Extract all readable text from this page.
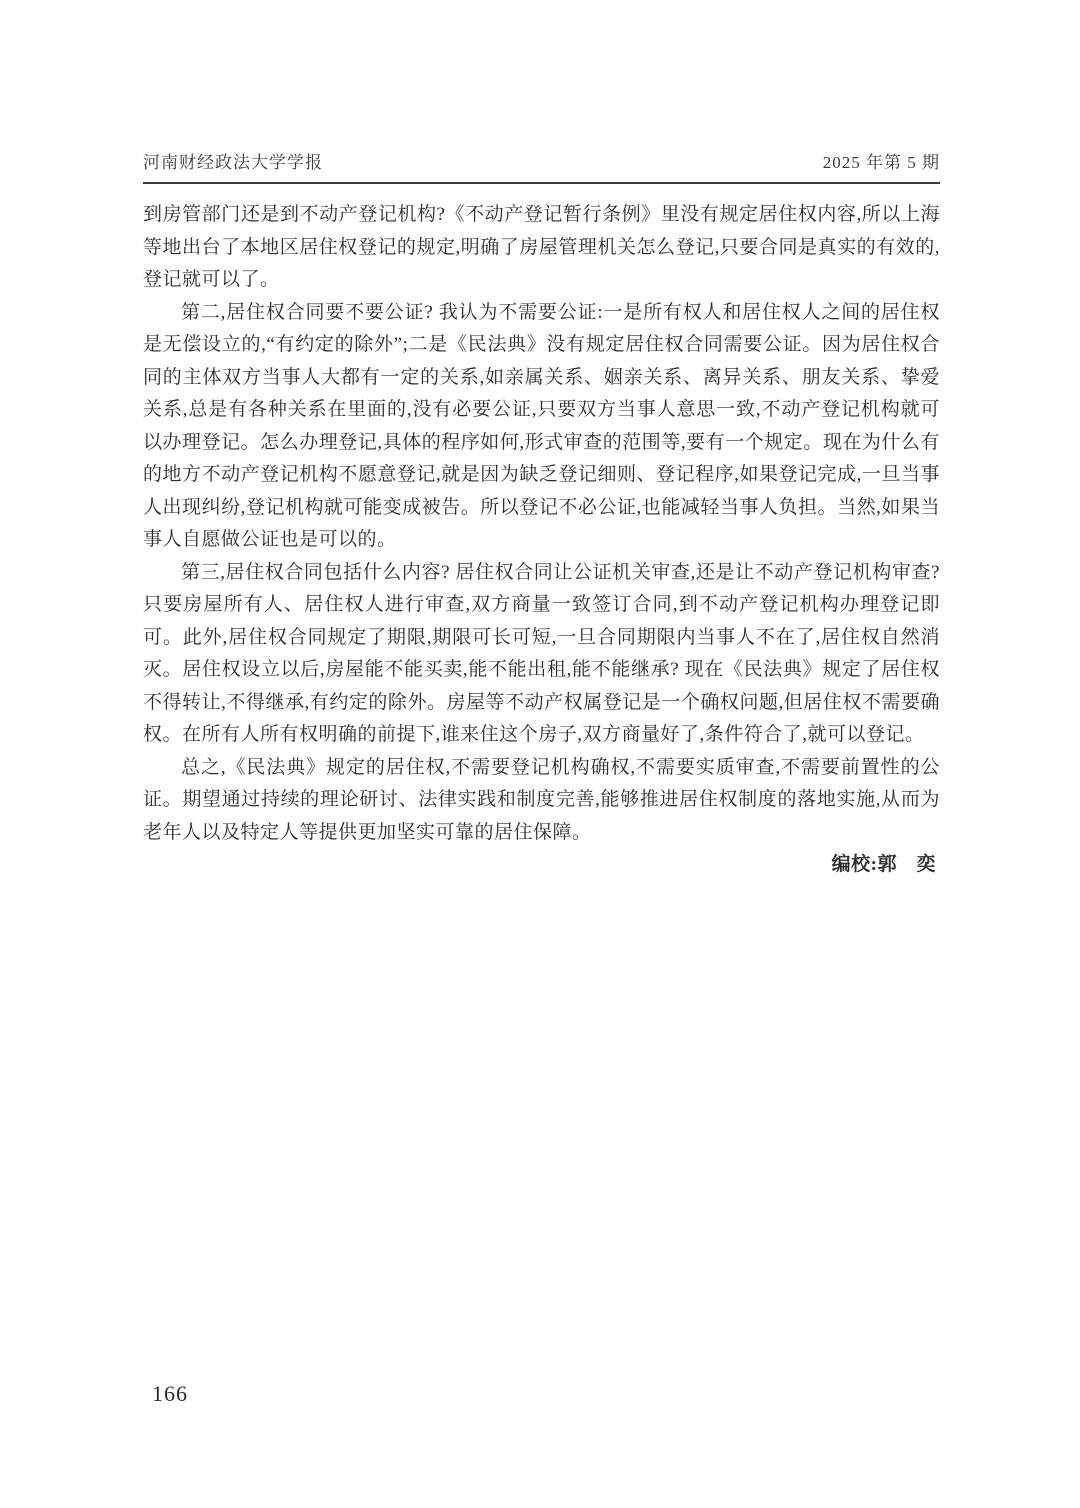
河南财经政法大学学报	2025 年第 5 期

到房管部门还是到不动产登记机构?《不动产登记暂行条例》里没有规定居住权内容,所以上海等地出台了本地区居住权登记的规定,明确了房屋管理机关怎么登记,只要合同是真实的有效的,登记就可以了。

第二,居住权合同要不要公证? 我认为不需要公证:一是所有权人和居住权人之间的居住权是无偿设立的,“有约定的除外”;二是《民法典》没有规定居住权合同需要公证。因为居住权合同的主体双方当事人大都有一定的关系,如亲属关系、姻亲关系、离异关系、朋友关系、挚爱关系,总是有各种关系在里面的,没有必要公证,只要双方当事人意思一致,不动产登记机构就可以办理登记。怎么办理登记,具体的程序如何,形式审查的范围等,要有一个规定。现在为什么有的地方不动产登记机构不愿意登记,就是因为缺乏登记细则、登记程序,如果登记完成,一旦当事人出现纠纷,登记机构就可能变成被告。所以登记不必公证,也能减轻当事人负担。当然,如果当事人自愿做公证也是可以的。

第三,居住权合同包括什么内容? 居住权合同让公证机关审查,还是让不动产登记机构审查? 只要房屋所有人、居住权人进行审查,双方商量一致签订合同,到不动产登记机构办理登记即可。此外,居住权合同规定了期限,期限可长可短,一旦合同期限内当事人不在了,居住权自然消灭。居住权设立以后,房屋能不能买卖,能不能出租,能不能继承? 现在《民法典》规定了居住权不得转让,不得继承,有约定的除外。房屋等不动产权属登记是一个确权问题,但居住权不需要确权。在所有人所有权明确的前提下,谁来住这个房子,双方商量好了,条件符合了,就可以登记。

总之,《民法典》规定的居住权,不需要登记机构确权,不需要实质审查,不需要前置性的公证。期望通过持续的理论研讨、法律实践和制度完善,能够推进居住权制度的落地实施,从而为老年人以及特定人等提供更加坚实可靠的居住保障。

编校:郭　奕

166
